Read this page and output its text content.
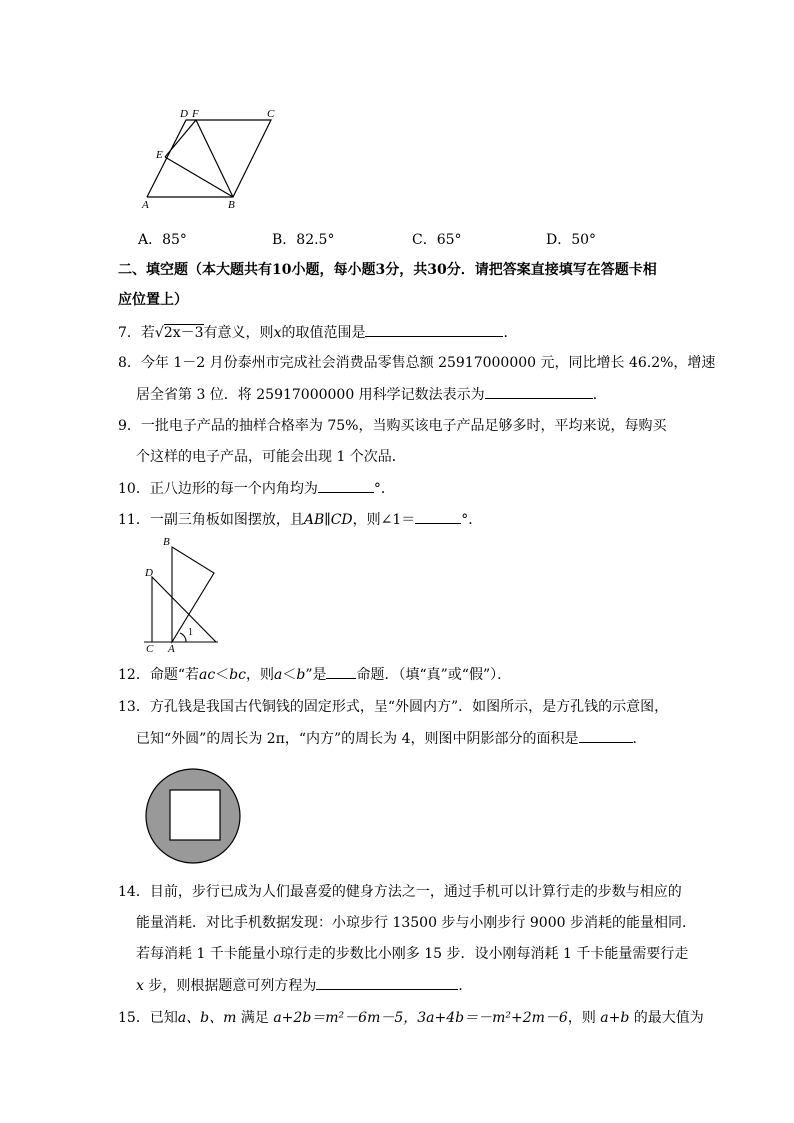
D F	C
E
A	B
A．85°	B．82.5°	C．65°	D．50°
二、填空题（本大题共有10小题，每小题3分，共30分．请把答案直接填写在答题卡相
应位置上）
7．若√2x－3有意义，则x的取值范围是	．
8．今年 1－2 月份泰州市完成社会消费品零售总额 25917000000 元，同比增长 46.2%，增速
居全省第 3 位．将 25917000000 用科学记数法表示为	．
9．一批电子产品的抽样合格率为 75%，当购买该电子产品足够多时，平均来说，每购买
个这样的电子产品，可能会出现 1 个次品．
10．正八边形的每一个内角均为	°．
11．一副三角板如图摆放，且AB∥CD，则∠1＝	°．
B
D
C A
1
12．命题“若ac＜bc，则a＜b”是 命题．（填“真”或“假”）．
13．方孔钱是我国古代铜钱的固定形式，呈“外圆内方”．如图所示，是方孔钱的示意图，
已知“外圆”的周长为 2π，“内方”的周长为 4，则图中阴影部分的面积是	．
14．目前，步行已成为人们最喜爱的健身方法之一，通过手机可以计算行走的步数与相应的
能量消耗．对比手机数据发现：小琼步行 13500 步与小刚步行 9000 步消耗的能量相同．
若每消耗 1 千卡能量小琼行走的步数比小刚多 15 步．设小刚每消耗 1 千卡能量需要行走
x 步，则根据题意可列方程为	．
15．已知a、b、m 满足 a+2b＝m²－6m－5，3a+4b＝－m²+2m－6，则 a+b 的最大值为
